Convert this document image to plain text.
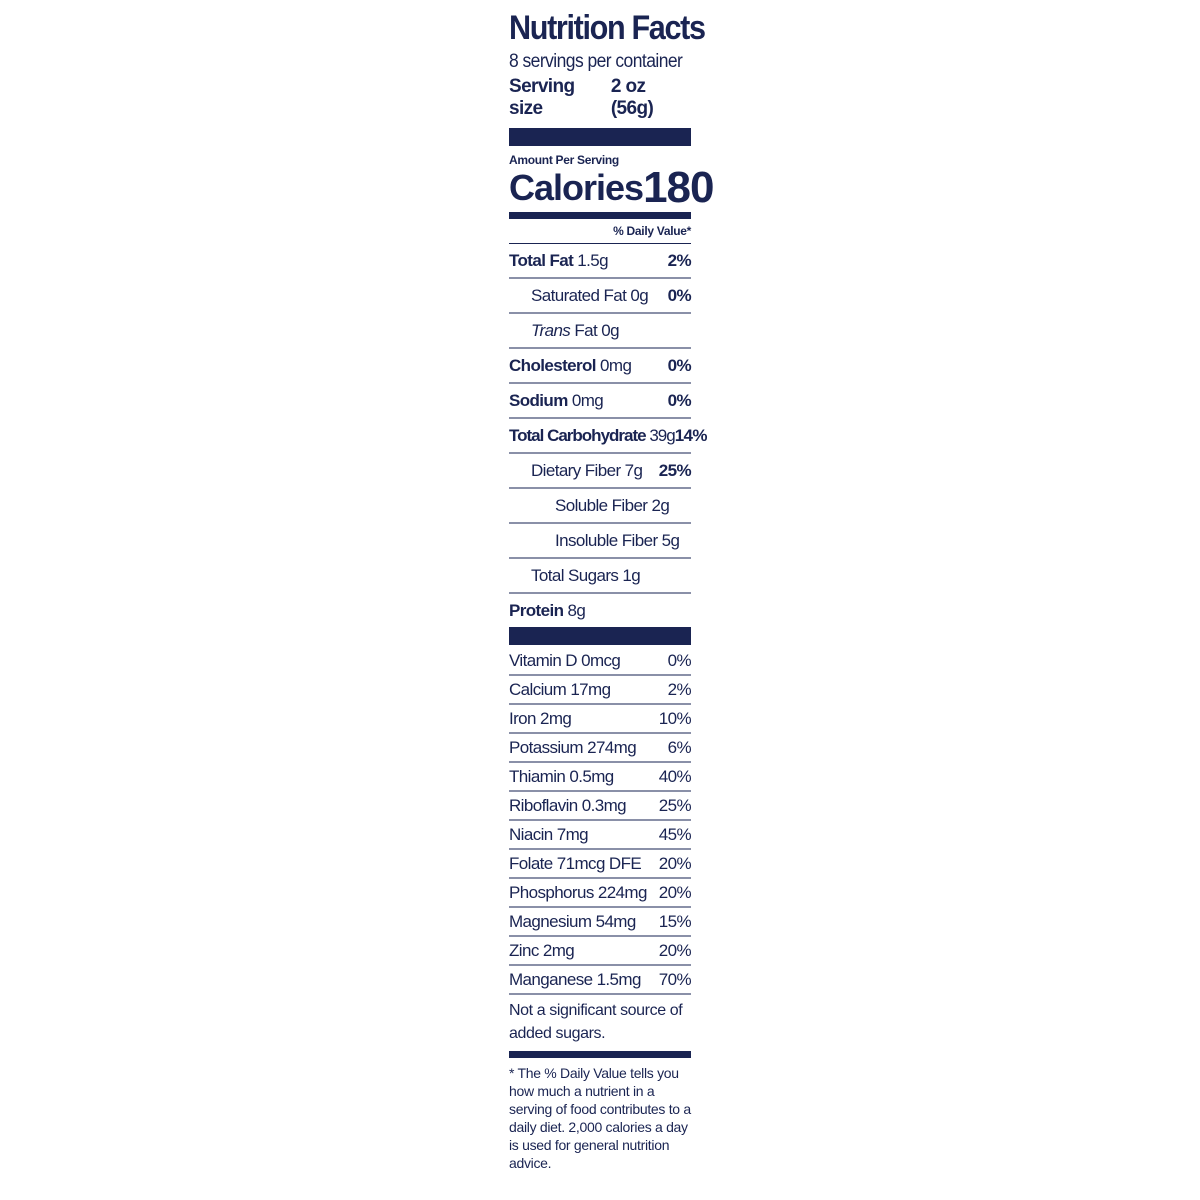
Nutrition Facts
8 servings per container
Serving size
2 oz (56g)
Amount Per Serving
Calories 180
% Daily Value*
Total Fat 1.5g	2%
Saturated Fat 0g 0%
Trans Fat 0g
Cholesterol 0mg 0%
Sodium 0mg	0%
Total Carbohydrate 39g 14%
Dietary Fiber 7g 25%
Soluble Fiber 2g
Insoluble Fiber 5g
Total Sugars 1g
Protein 8g
Vitamin D 0mcg	0%
Calcium 17mg	2%
Iron 2mg	10%
Potassium 274mg 6%
Thiamin 0.5mg	40%
Riboflavin 0.3mg 25%
Niacin 7mg	45%
Folate 71mcg DFE 20%
Phosphorus 224mg 20%
Magnesium 54mg 15%
Zinc 2mg	20%
Manganese 1.5mg 70%
Not a significant source of added sugars.
* The % Daily Value tells you how much a nutrient in a serving of food contributes to a daily diet. 2,000 calories a day is used for general nutrition advice.
